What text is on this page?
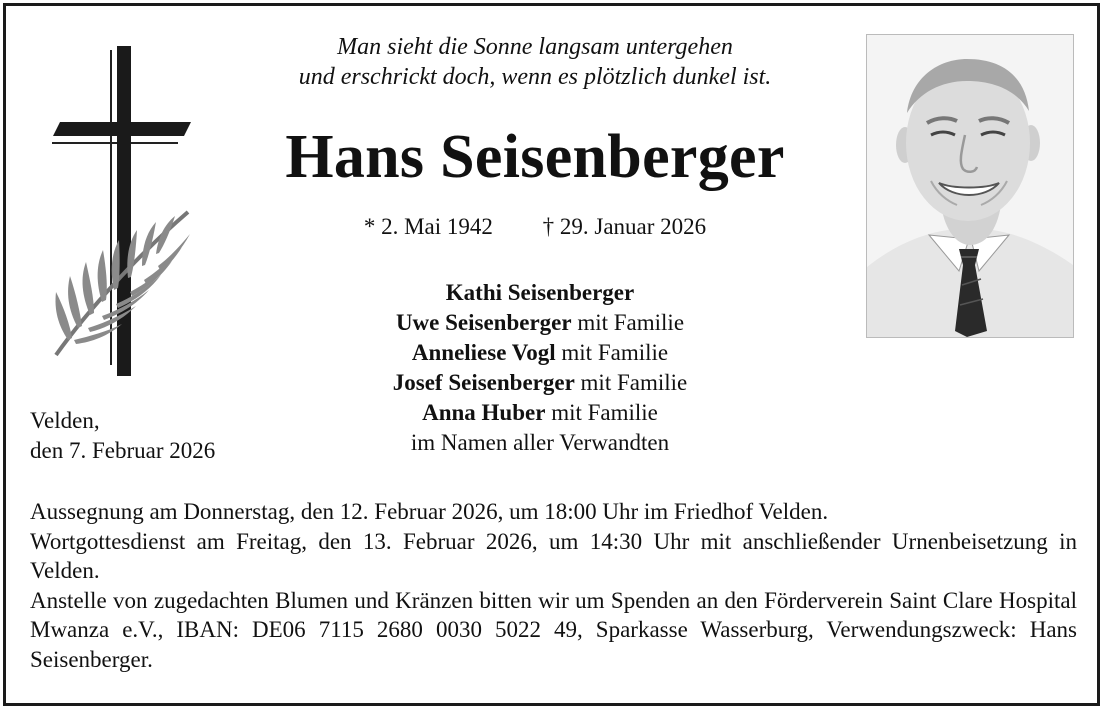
Man sieht die Sonne langsam untergehen
und erschrickt doch, wenn es plötzlich dunkel ist.
Hans Seisenberger
* 2. Mai 1942 † 29. Januar 2026
Kathi Seisenberger
Uwe Seisenberger mit Familie
Anneliese Vogl mit Familie
Josef Seisenberger mit Familie
Anna Huber mit Familie
im Namen aller Verwandten
Velden,
den 7. Februar 2026

Aussegnung am Donnerstag, den 12. Februar 2026, um 18:00 Uhr im Friedhof Velden.

Wortgottesdienst am Freitag, den 13. Februar 2026, um 14:30 Uhr mit anschließender Urnenbeisetzung in Velden.

Anstelle von zugedachten Blumen und Kränzen bitten wir um Spenden an den Förderverein Saint Clare Hospital Mwanza e.V., IBAN: DE06 7115 2680 0030 5022 49, Sparkasse Wasserburg, Verwendungszweck: Hans Seisenberger.
